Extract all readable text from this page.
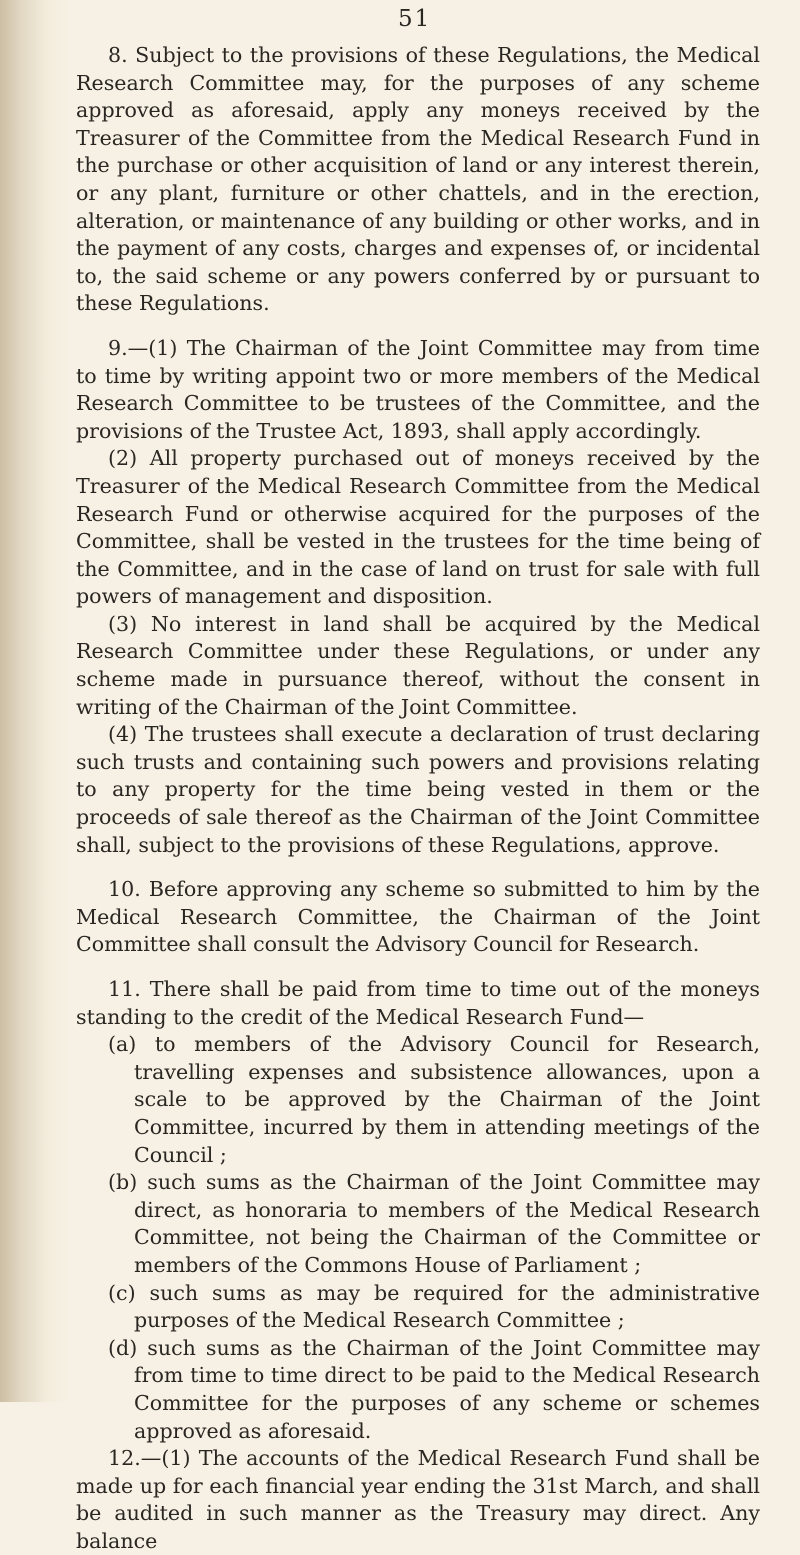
51

8. Subject to the provisions of these Regulations, the Medical Research Committee may, for the purposes of any scheme approved as aforesaid, apply any moneys received by the Treasurer of the Committee from the Medical Research Fund in the purchase or other acquisition of land or any interest therein, or any plant, furniture or other chattels, and in the erection, alteration, or maintenance of any building or other works, and in the payment of any costs, charges and expenses of, or incidental to, the said scheme or any powers conferred by or pursuant to these Regulations.

9.—(1) The Chairman of the Joint Committee may from time to time by writing appoint two or more members of the Medical Research Committee to be trustees of the Committee, and the provisions of the Trustee Act, 1893, shall apply accordingly.

(2) All property purchased out of moneys received by the Treasurer of the Medical Research Committee from the Medical Research Fund or otherwise acquired for the purposes of the Committee, shall be vested in the trustees for the time being of the Committee, and in the case of land on trust for sale with full powers of management and disposition.

(3) No interest in land shall be acquired by the Medical Research Committee under these Regulations, or under any scheme made in pursuance thereof, without the consent in writing of the Chairman of the Joint Committee.

(4) The trustees shall execute a declaration of trust declaring such trusts and containing such powers and provisions relating to any property for the time being vested in them or the proceeds of sale thereof as the Chairman of the Joint Committee shall, subject to the provisions of these Regulations, approve.

10. Before approving any scheme so submitted to him by the Medical Research Committee, the Chairman of the Joint Committee shall consult the Advisory Council for Research.

11. There shall be paid from time to time out of the moneys standing to the credit of the Medical Research Fund—

(a) to members of the Advisory Council for Research, travelling expenses and subsistence allowances, upon a scale to be approved by the Chairman of the Joint Committee, incurred by them in attending meetings of the Council ;
(b) such sums as the Chairman of the Joint Committee may direct, as honoraria to members of the Medical Research Committee, not being the Chairman of the Committee or members of the Commons House of Parliament ;
(c) such sums as may be required for the administrative purposes of the Medical Research Committee ;
(d) such sums as the Chairman of the Joint Committee may from time to time direct to be paid to the Medical Research Committee for the purposes of any scheme or schemes approved as aforesaid.

12.—(1) The accounts of the Medical Research Fund shall be made up for each financial year ending the 31st March, and shall be audited in such manner as the Treasury may direct. Any balance
